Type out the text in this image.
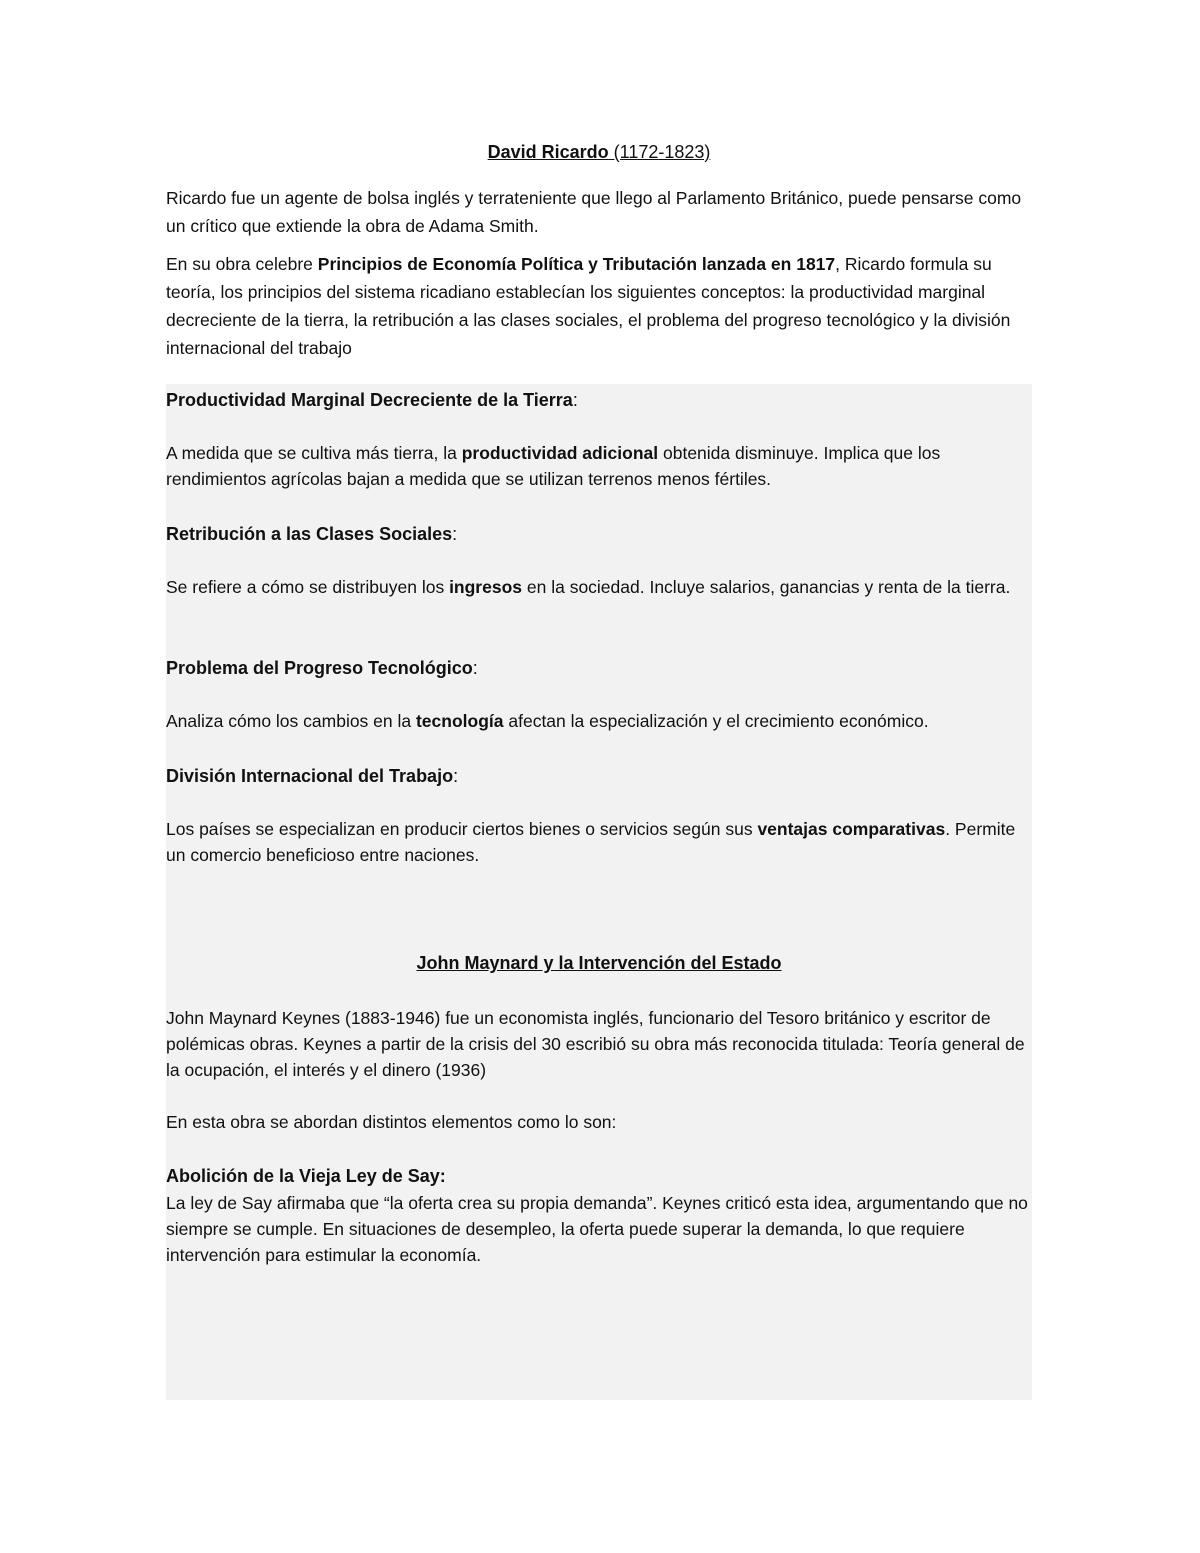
David Ricardo (1172-1823)

Ricardo fue un agente de bolsa inglés y terrateniente que llego al Parlamento Británico, puede pensarse como un crítico que extiende la obra de Adama Smith.

En su obra celebre Principios de Economía Política y Tributación lanzada en 1817, Ricardo formula su teoría, los principios del sistema ricadiano establecían los siguientes conceptos: la productividad marginal decreciente de la tierra, la retribución a las clases sociales, el problema del progreso tecnológico y la división internacional del trabajo

Productividad Marginal Decreciente de la Tierra:
A medida que se cultiva más tierra, la productividad adicional obtenida disminuye. Implica que los rendimientos agrícolas bajan a medida que se utilizan terrenos menos fértiles.
Retribución a las Clases Sociales:
Se refiere a cómo se distribuyen los ingresos en la sociedad. Incluye salarios, ganancias y renta de la tierra.
Problema del Progreso Tecnológico:
Analiza cómo los cambios en la tecnología afectan la especialización y el crecimiento económico.
División Internacional del Trabajo:
Los países se especializan en producir ciertos bienes o servicios según sus ventajas comparativas. Permite un comercio beneficioso entre naciones.
John Maynard y la Intervención del Estado
John Maynard Keynes (1883-1946) fue un economista inglés, funcionario del Tesoro británico y escritor de polémicas obras. Keynes a partir de la crisis del 30 escribió su obra más reconocida titulada: Teoría general de la ocupación, el interés y el dinero (1936)
En esta obra se abordan distintos elementos como lo son:
Abolición de la Vieja Ley de Say:
La ley de Say afirmaba que “la oferta crea su propia demanda”. Keynes criticó esta idea, argumentando que no siempre se cumple. En situaciones de desempleo, la oferta puede superar la demanda, lo que requiere intervención para estimular la economía.
